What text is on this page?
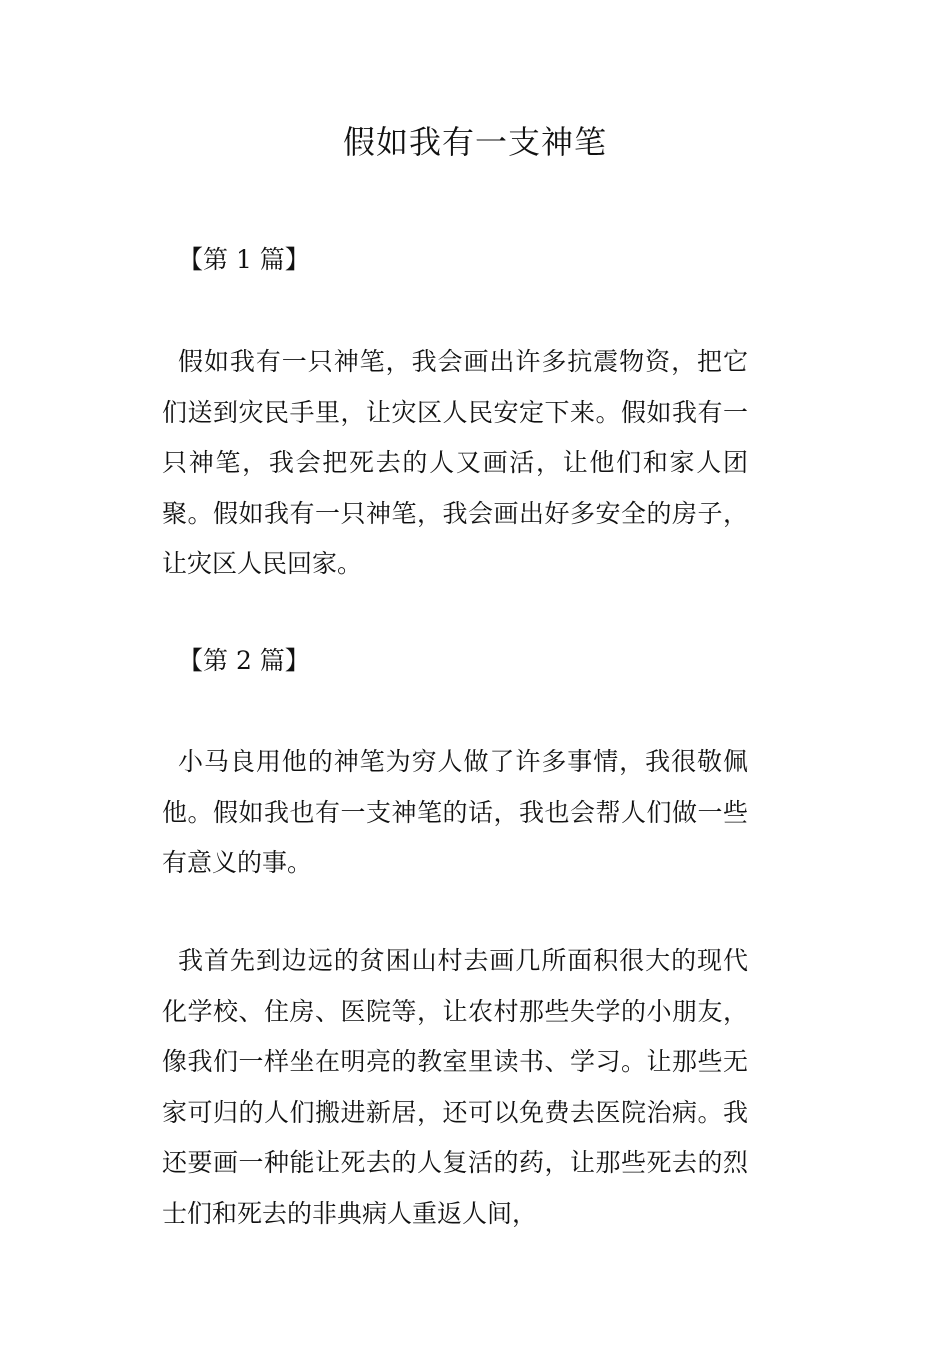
假如我有一支神笔
【第 1 篇】
假如我有一只神笔，我会画出许多抗震物资，把它们送到灾民手里，让灾区人民安定下来。假如我有一只神笔，我会把死去的人又画活，让他们和家人团聚。假如我有一只神笔，我会画出好多安全的房子，让灾区人民回家。
【第 2 篇】
小马良用他的神笔为穷人做了许多事情，我很敬佩他。假如我也有一支神笔的话，我也会帮人们做一些有意义的事。
我首先到边远的贫困山村去画几所面积很大的现代化学校、住房、医院等，让农村那些失学的小朋友，像我们一样坐在明亮的教室里读书、学习。让那些无家可归的人们搬进新居，还可以免费去医院治病。我还要画一种能让死去的人复活的药，让那些死去的烈士们和死去的非典病人重返人间，
